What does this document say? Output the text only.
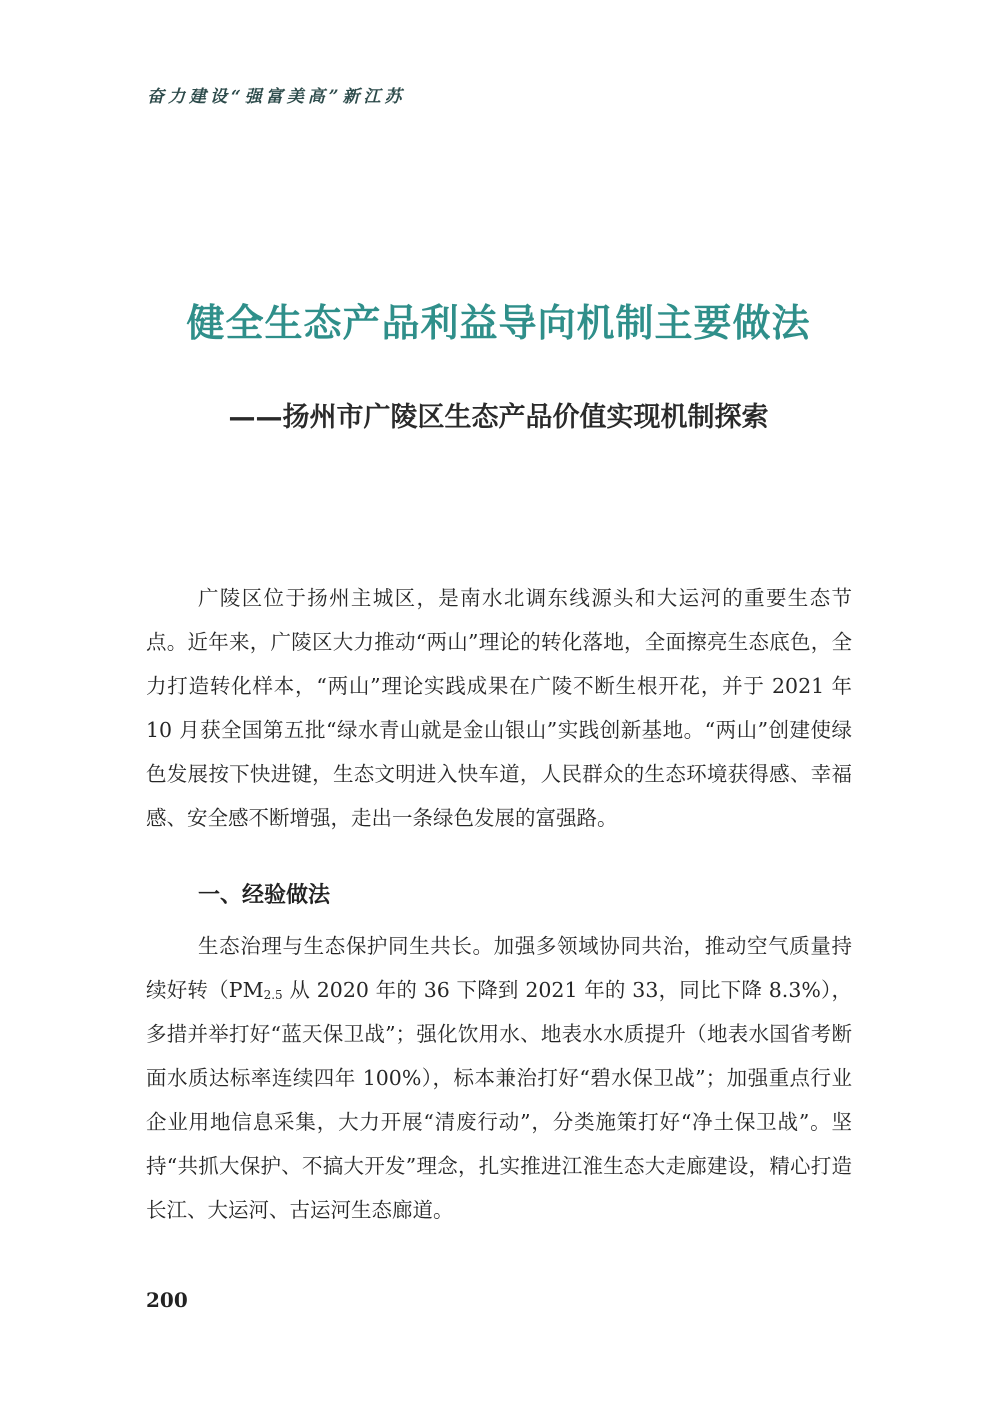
奋力建设“强富美高”新江苏
健全生态产品利益导向机制主要做法
——扬州市广陵区生态产品价值实现机制探索

广陵区位于扬州主城区，是南水北调东线源头和大运河的重要生态节点。近年来，广陵区大力推动“两山”理论的转化落地，全面擦亮生态底色，全力打造转化样本，“两山”理论实践成果在广陵不断生根开花，并于 2021 年 10 月获全国第五批“绿水青山就是金山银山”实践创新基地。“两山”创建使绿色发展按下快进键，生态文明进入快车道，人民群众的生态环境获得感、幸福感、安全感不断增强，走出一条绿色发展的富强路。

一、经验做法

生态治理与生态保护同生共长。加强多领域协同共治，推动空气质量持续好转（$PM_{2.5}$ 从 2020 年的 36 下降到 2021 年的 33，同比下降 8.3%），多措并举打好“蓝天保卫战”；强化饮用水、地表水水质提升（地表水国省考断面水质达标率连续四年 100%），标本兼治打好“碧水保卫战”；加强重点行业企业用地信息采集，大力开展“清废行动”，分类施策打好“净土保卫战”。坚持“共抓大保护、不搞大开发”理念，扎实推进江淮生态大走廊建设，精心打造长江、大运河、古运河生态廊道。

200
